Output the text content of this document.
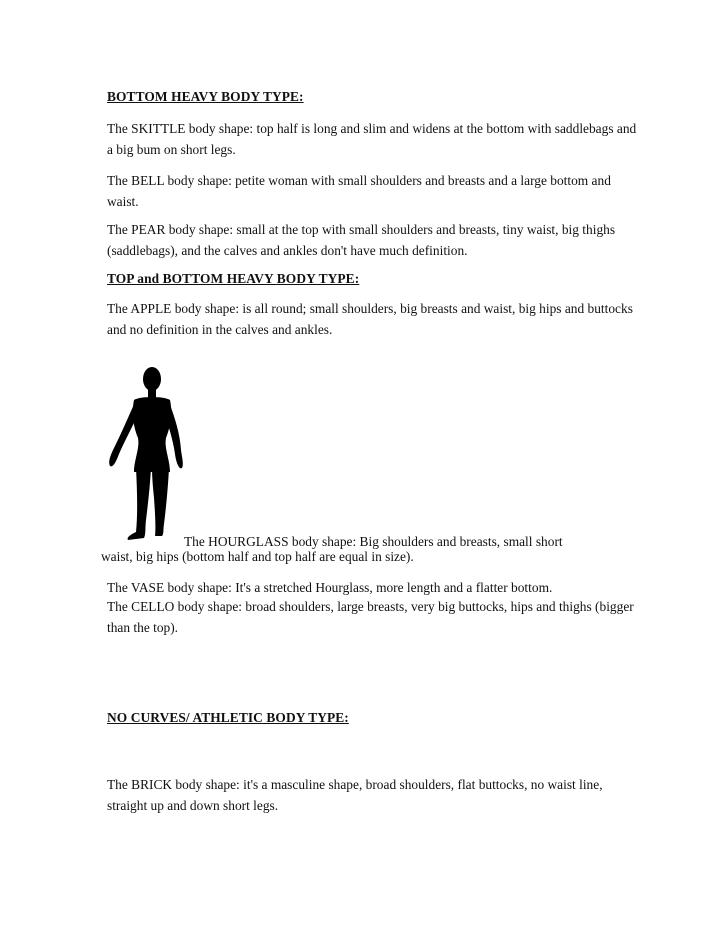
BOTTOM HEAVY BODY TYPE:

The SKITTLE body shape: top half is long and slim and widens at the bottom with saddlebags and a big bum on short legs.

The BELL body shape: petite woman with small shoulders and breasts and a large bottom and waist.

The PEAR body shape: small at the top with small shoulders and breasts, tiny waist, big thighs (saddlebags), and the calves and ankles don't have much definition.

TOP and BOTTOM HEAVY BODY TYPE:

The APPLE body shape: is all round; small shoulders, big breasts and waist, big hips and buttocks and no definition in the calves and ankles.

The HOURGLASS body shape: Big shoulders and breasts, small short

waist, big hips (bottom half and top half are equal in size).

The VASE body shape: It's a stretched Hourglass, more length and a flatter bottom.

The CELLO body shape: broad shoulders, large breasts, very big buttocks, hips and thighs (bigger than the top).

NO CURVES/ ATHLETIC BODY TYPE:

The BRICK body shape: it's a masculine shape, broad shoulders, flat buttocks, no waist line, straight up and down short legs.
